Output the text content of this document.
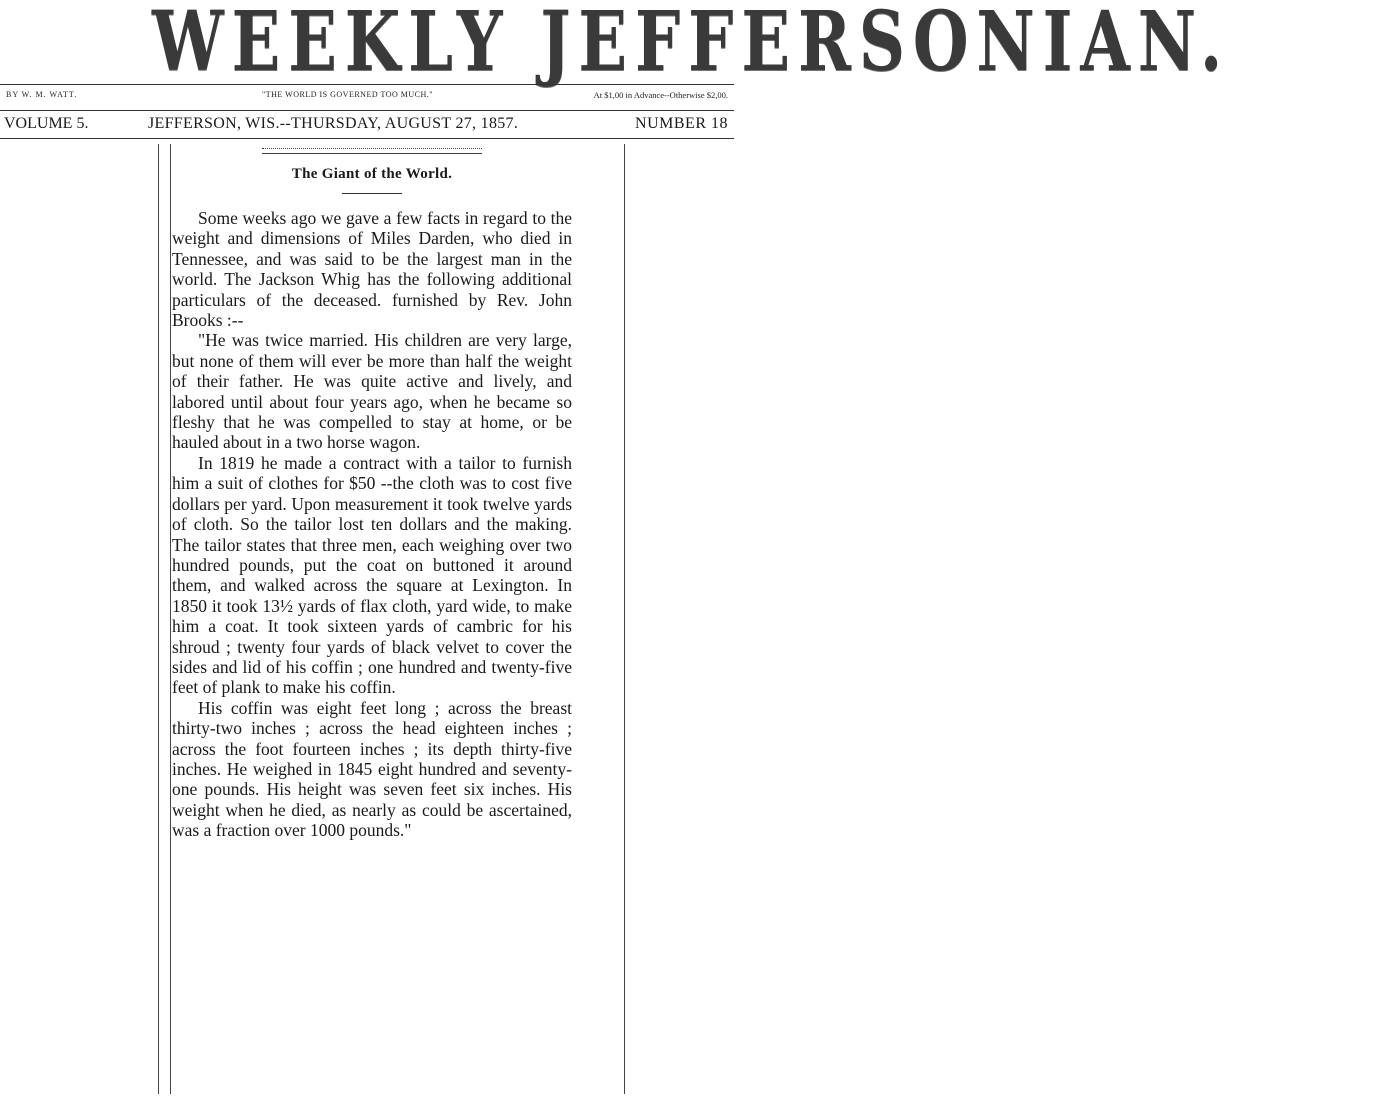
WEEKLY JEFFERSONIAN.
BY W. M. WATT.	"THE WORLD IS GOVERNED TOO MUCH."	At $1,00 in Advance--Otherwise $2,00.
VOLUME 5.	JEFFERSON, WIS.--THURSDAY, AUGUST 27, 1857.	NUMBER 18
The Giant of the World.

Some weeks ago we gave a few facts in regard to the weight and dimensions of Miles Darden, who died in Tennessee, and was said to be the largest man in the world. The Jackson Whig has the following additional particulars of the deceased. furnished by Rev. John Brooks :--

"He was twice married. His children are very large, but none of them will ever be more than half the weight of their father. He was quite active and lively, and labored until about four years ago, when he became so fleshy that he was compelled to stay at home, or be hauled about in a two horse wagon.

In 1819 he made a contract with a tailor to furnish him a suit of clothes for $50 --the cloth was to cost five dollars per yard. Upon measurement it took twelve yards of cloth. So the tailor lost ten dollars and the making. The tailor states that three men, each weighing over two hundred pounds, put the coat on buttoned it around them, and walked across the square at Lexington. In 1850 it took 13½ yards of flax cloth, yard wide, to make him a coat. It took sixteen yards of cambric for his shroud ; twenty four yards of black velvet to cover the sides and lid of his coffin ; one hundred and twenty-five feet of plank to make his coffin.

His coffin was eight feet long ; across the breast thirty-two inches ; across the head eighteen inches ; across the foot fourteen inches ; its depth thirty-five inches. He weighed in 1845 eight hundred and seventy-one pounds. His height was seven feet six inches. His weight when he died, as nearly as could be ascertained, was a fraction over 1000 pounds."
